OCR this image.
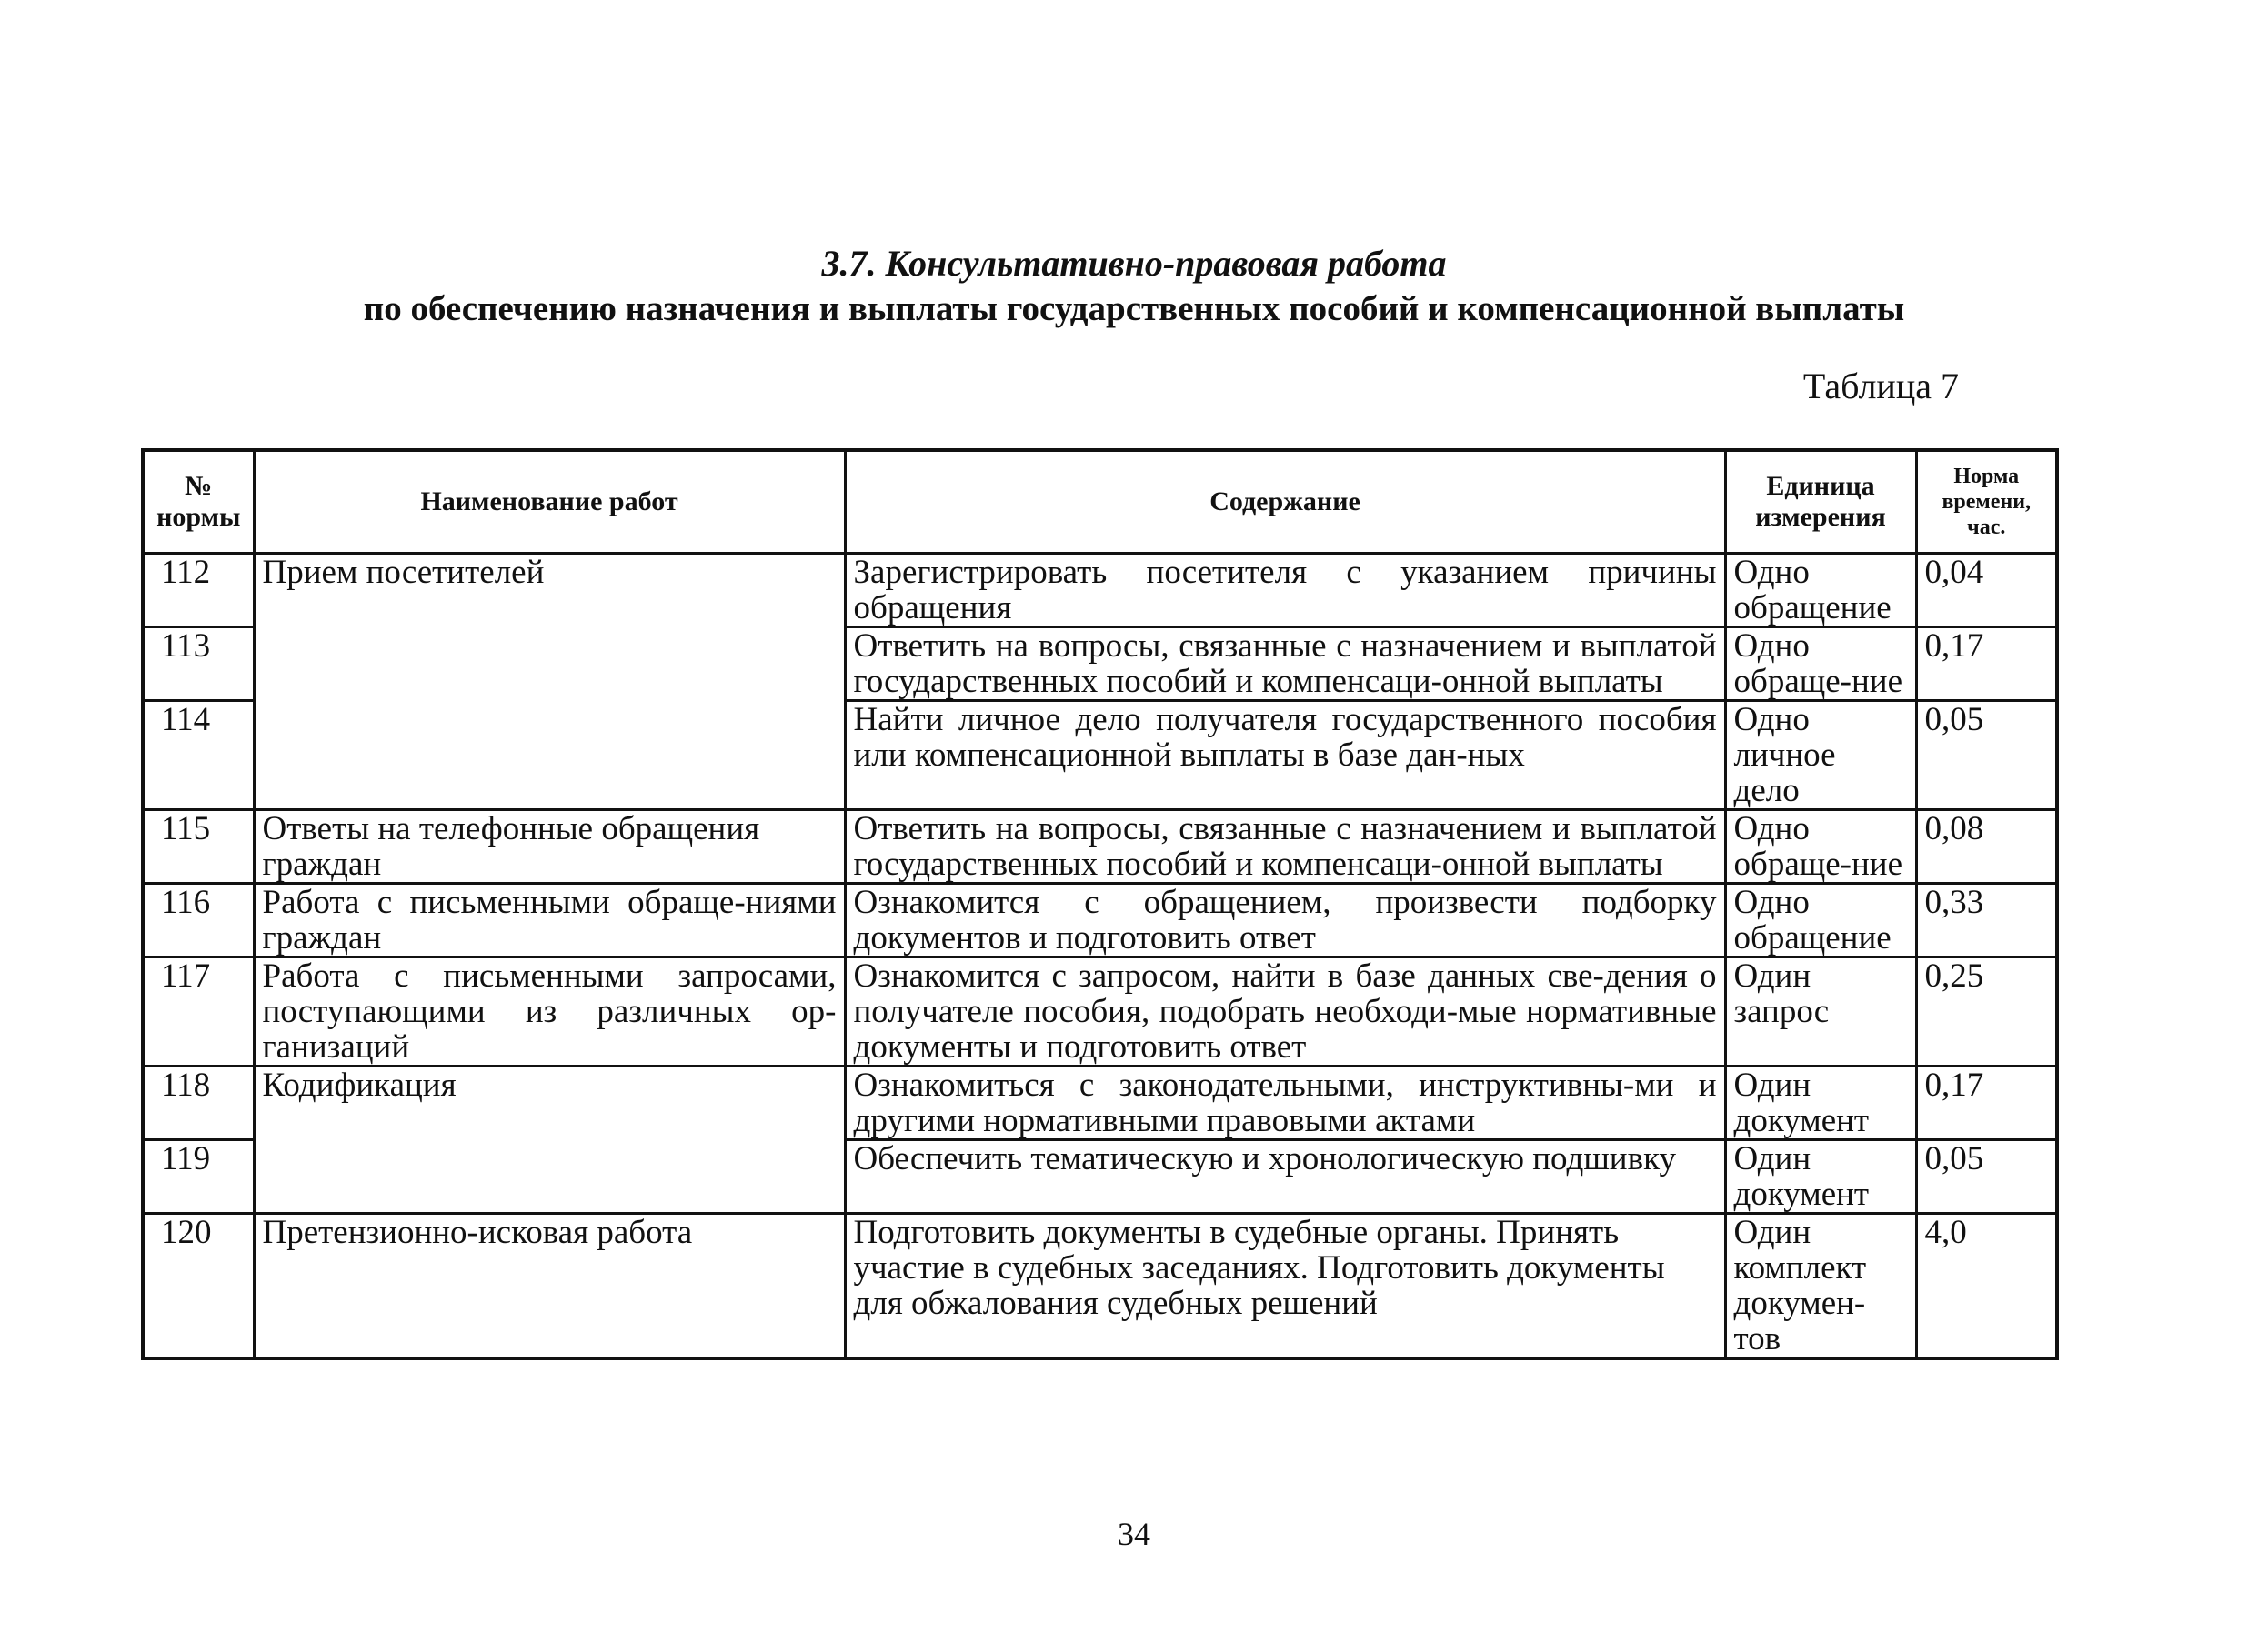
3.7. Консультативно-правовая работа
по обеспечению назначения и выплаты государственных пособий и компенсационной выплаты
Таблица 7
№ нормы	Наименование работ	Содержание	Единица измерения	Норма времени, час.
112	Прием посетителей	Зарегистрировать посетителя с указанием причины обращения	Одно обращение	0,04
113		Ответить на вопросы, связанные с назначением и выплатой государственных пособий и компенсаци-онной выплаты	Одно обраще-ние	0,17
114		Найти личное дело получателя государственного пособия или компенсационной выплаты в базе дан-ных	Одно личное дело	0,05
115	Ответы на телефонные обращения граждан	Ответить на вопросы, связанные с назначением и выплатой государственных пособий и компенсаци-онной выплаты	Одно обраще-ние	0,08
116	Работа с письменными обраще-ниями граждан	Ознакомится с обращением, произвести подборку документов и подготовить ответ	Одно обращение	0,33
117	Работа с письменными запросами, поступающими из различных ор-ганизаций	Ознакомится с запросом, найти в базе данных све-дения о получателе пособия, подобрать необходи-мые нормативные документы и подготовить ответ	Один запрос	0,25
118	Кодификация	Ознакомиться с законодательными, инструктивны-ми и другими нормативными правовыми актами	Один документ	0,17
119		Обеспечить тематическую и хронологическую подшивку	Один документ	0,05
120	Претензионно-исковая работа	Подготовить документы в судебные органы. Принять участие в судебных заседаниях. Подготовить документы для обжалования судебных решений	Один комплект докумен-тов	4,0
34
